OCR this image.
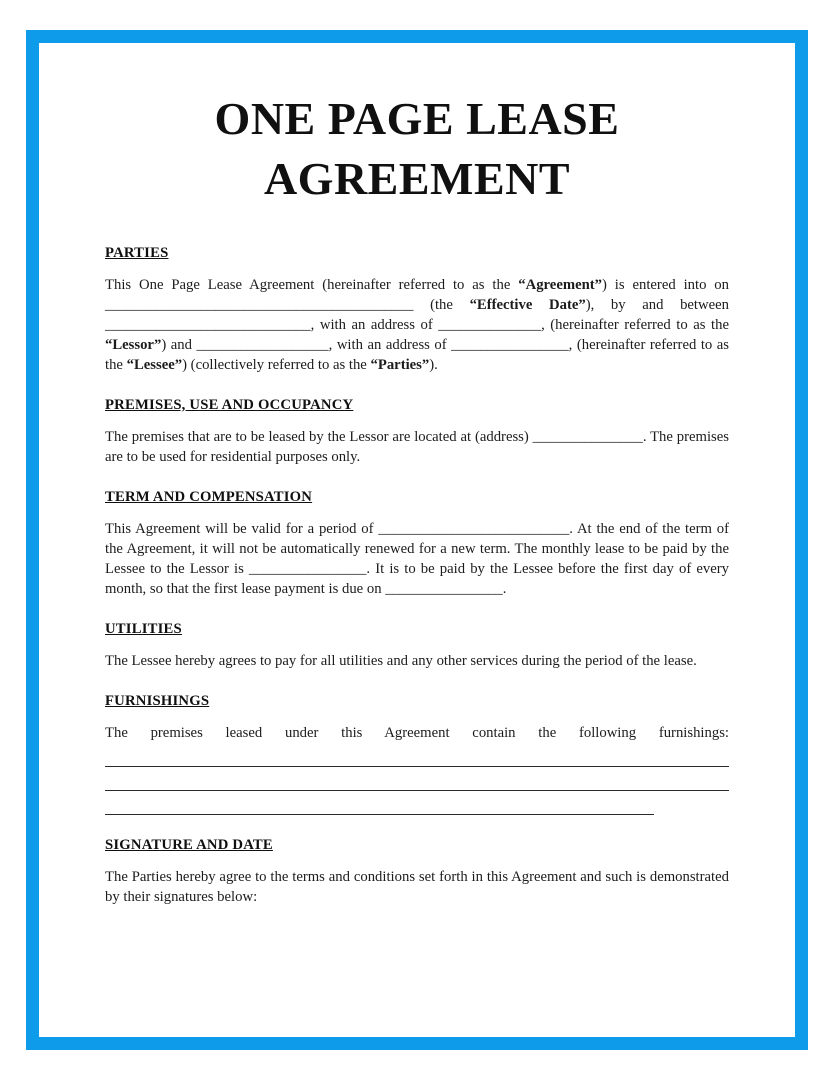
ONE PAGE LEASE
AGREEMENT
PARTIES

This One Page Lease Agreement (hereinafter referred to as the “Agreement”) is entered into on __________________________________________ (the “Effective Date”), by and between ____________________________, with an address of ______________, (hereinafter referred to as the “Lessor”) and __________________, with an address of ________________, (hereinafter referred to as the “Lessee”) (collectively referred to as the “Parties”).

PREMISES, USE AND OCCUPANCY

The premises that are to be leased by the Lessor are located at (address) _______________. The premises are to be used for residential purposes only.

TERM AND COMPENSATION

This Agreement will be valid for a period of __________________________. At the end of the term of the Agreement, it will not be automatically renewed for a new term. The monthly lease to be paid by the Lessee to the Lessor is ________________. It is to be paid by the Lessee before the first day of every month, so that the first lease payment is due on ________________.

UTILITIES

The Lessee hereby agrees to pay for all utilities and any other services during the period of the lease.

FURNISHINGS

The premises leased under this Agreement contain the following furnishings:

SIGNATURE AND DATE

The Parties hereby agree to the terms and conditions set forth in this Agreement and such is demonstrated by their signatures below:
